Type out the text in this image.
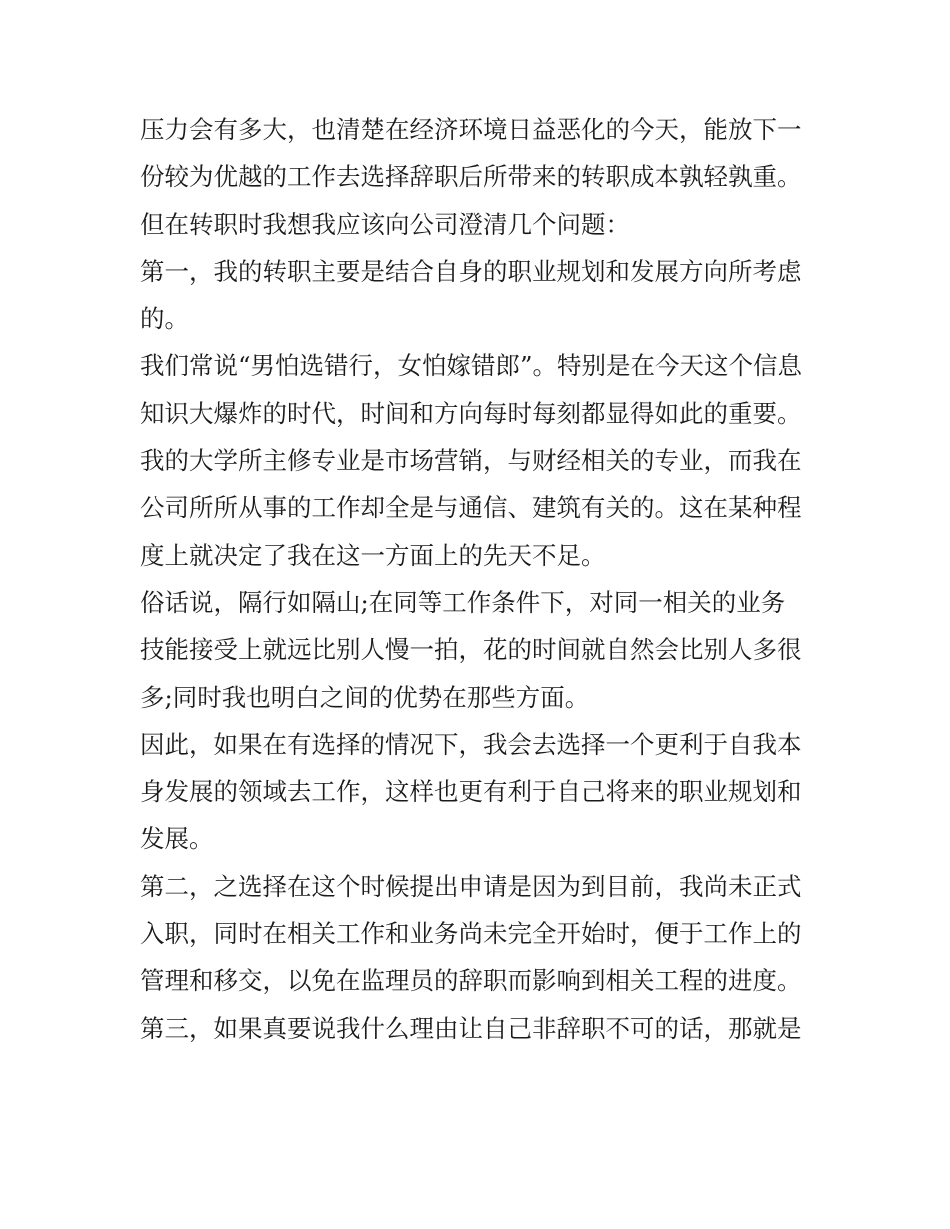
压力会有多大，也清楚在经济环境日益恶化的今天，能放下一
份较为优越的工作去选择辞职后所带来的转职成本孰轻孰重。
但在转职时我想我应该向公司澄清几个问题：
第一，我的转职主要是结合自身的职业规划和发展方向所考虑
的。
我们常说“男怕选错行，女怕嫁错郎”。特别是在今天这个信息
知识大爆炸的时代，时间和方向每时每刻都显得如此的重要。
我的大学所主修专业是市场营销，与财经相关的专业，而我在
公司所所从事的工作却全是与通信、建筑有关的。这在某种程
度上就决定了我在这一方面上的先天不足。
俗话说，隔行如隔山;在同等工作条件下，对同一相关的业务
技能接受上就远比别人慢一拍，花的时间就自然会比别人多很
多;同时我也明白之间的优势在那些方面。
因此，如果在有选择的情况下，我会去选择一个更利于自我本
身发展的领域去工作，这样也更有利于自己将来的职业规划和
发展。
第二，之选择在这个时候提出申请是因为到目前，我尚未正式
入职，同时在相关工作和业务尚未完全开始时，便于工作上的
管理和移交，以免在监理员的辞职而影响到相关工程的进度。
第三，如果真要说我什么理由让自己非辞职不可的话，那就是
